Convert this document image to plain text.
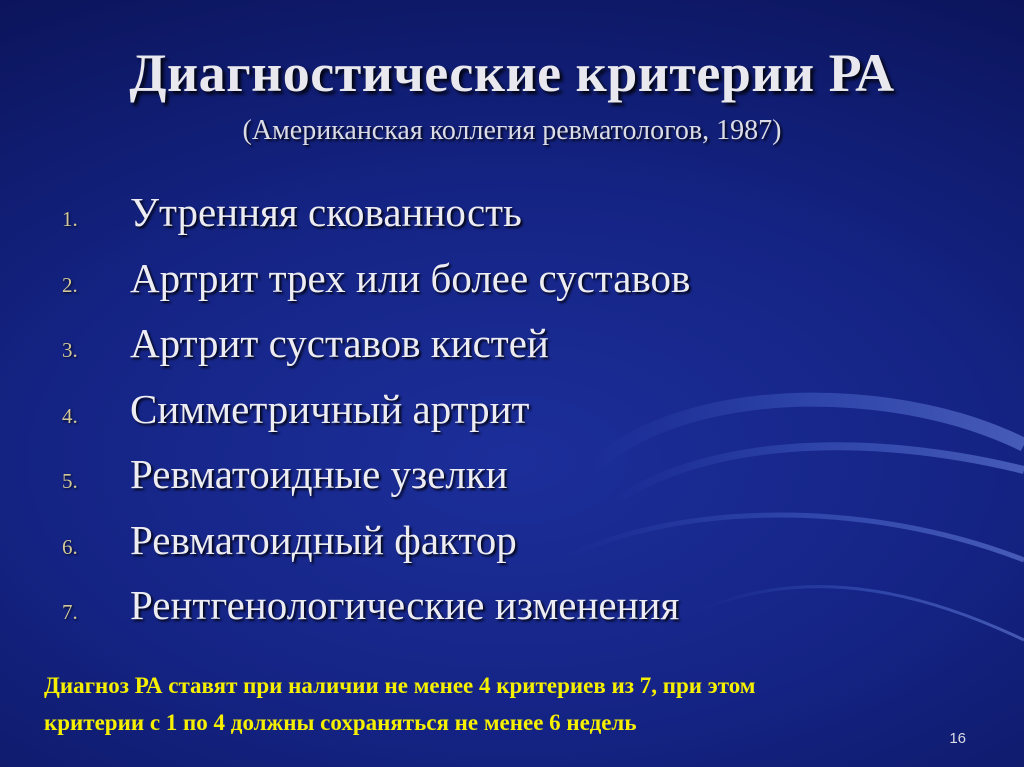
Диагностические критерии РА
(Американская коллегия ревматологов, 1987)
1.	Утренняя скованность
2.	Артрит трех или более суставов
3.	Артрит суставов кистей
4.	Симметричный артрит
5.	Ревматоидные узелки
6.	Ревматоидный фактор
7.	Рентгенологические изменения
Диагноз РА ставят при наличии не менее 4 критериев из 7, при этом
критерии с 1 по 4 должны сохраняться не менее 6 недель
16
